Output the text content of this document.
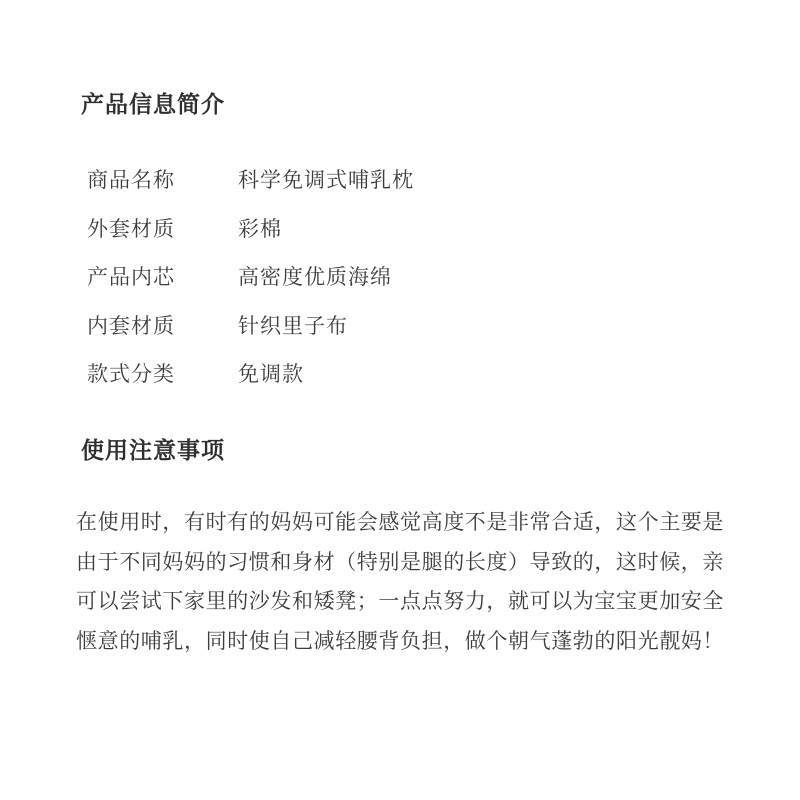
产品信息简介
商品名称	科学免调式哺乳枕
外套材质	彩棉
产品内芯	高密度优质海绵
内套材质	针织里子布
款式分类	免调款
使用注意事项

在使用时，有时有的妈妈可能会感觉高度不是非常合适，这个主要是由于不同妈妈的习惯和身材（特别是腿的长度）导致的，这时候，亲可以尝试下家里的沙发和矮凳；一点点努力，就可以为宝宝更加安全惬意的哺乳，同时使自己减轻腰背负担，做个朝气蓬勃的阳光靓妈！
